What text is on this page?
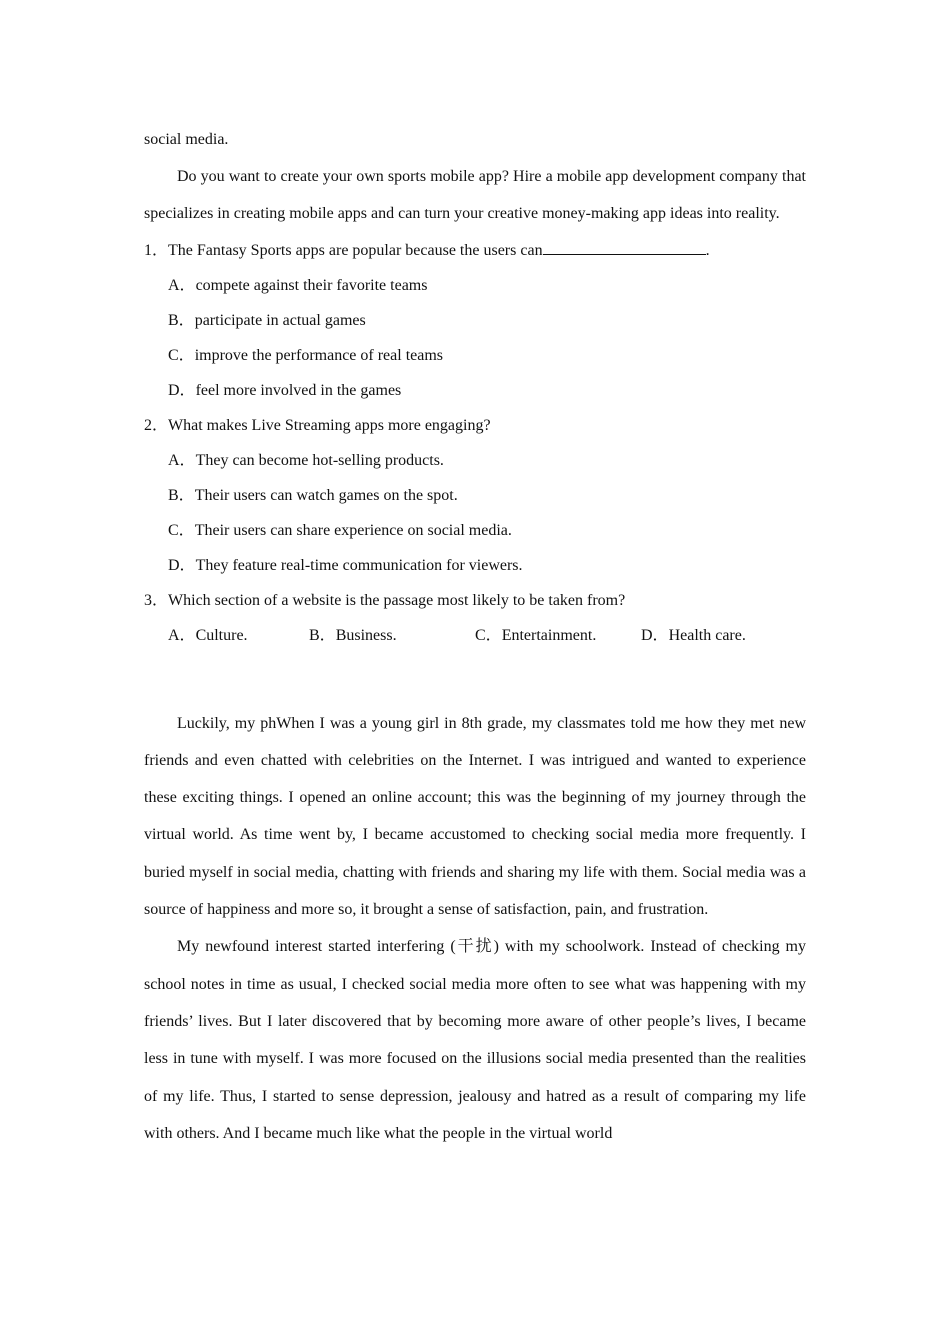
social media.

Do you want to create your own sports mobile app? Hire a mobile app development company that specializes in creating mobile apps and can turn your creative money-making app ideas into reality.

1．The Fantasy Sports apps are popular because the users can	.
A．compete against their favorite teams
B．participate in actual games
C．improve the performance of real teams
D．feel more involved in the games
2．What makes Live Streaming apps more engaging?
A．They can become hot-selling products.
B．Their users can watch games on the spot.
C．Their users can share experience on social media.
D．They feature real-time communication for viewers.
3．Which section of a website is the passage most likely to be taken from?
A．Culture.	B．Business.	C．Entertainment.	D．Health care.

Luckily, my phWhen I was a young girl in 8th grade, my classmates told me how they met new friends and even chatted with celebrities on the Internet. I was intrigued and wanted to experience these exciting things. I opened an online account; this was the beginning of my journey through the virtual world. As time went by, I became accustomed to checking social media more frequently. I buried myself in social media, chatting with friends and sharing my life with them. Social media was a source of happiness and more so, it brought a sense of satisfaction, pain, and frustration.

My newfound interest started interfering (干扰) with my schoolwork. Instead of checking my school notes in time as usual, I checked social media more often to see what was happening with my friends’ lives. But I later discovered that by becoming more aware of other people’s lives, I became less in tune with myself. I was more focused on the illusions social media presented than the realities of my life. Thus, I started to sense depression, jealousy and hatred as a result of comparing my life with others. And I became much like what the people in the virtual world
